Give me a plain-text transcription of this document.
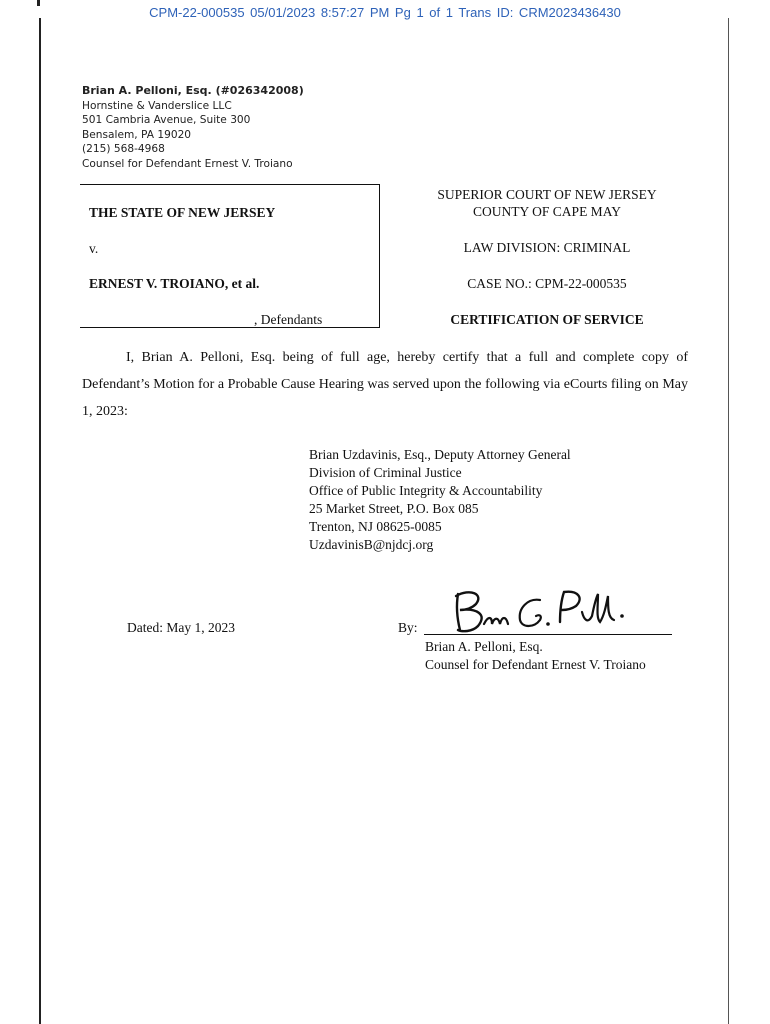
CPM-22-000535 05/01/2023 8:57:27 PM Pg 1 of 1 Trans ID: CRM2023436430
Brian A. Pelloni, Esq. (#026342008)
Hornstine & Vanderslice LLC
501 Cambria Avenue, Suite 300
Bensalem, PA 19020
(215) 568-4968
Counsel for Defendant Ernest V. Troiano
THE STATE OF NEW JERSEY
v.
ERNEST V. TROIANO, et al.
, Defendants
SUPERIOR COURT OF NEW JERSEY
COUNTY OF CAPE MAY
LAW DIVISION: CRIMINAL
CASE NO.: CPM-22-000535
CERTIFICATION OF SERVICE
I, Brian A. Pelloni, Esq. being of full age, hereby certify that a full and complete copy of Defendant’s Motion for a Probable Cause Hearing was served upon the following via eCourts filing on May 1, 2023:
Brian Uzdavinis, Esq., Deputy Attorney General
Division of Criminal Justice
Office of Public Integrity & Accountability
25 Market Street, P.O. Box 085
Trenton, NJ 08625-0085
UzdavinisB@njdcj.org
Dated: May 1, 2023	By:
Brian A. Pelloni, Esq.
Counsel for Defendant Ernest V. Troiano
